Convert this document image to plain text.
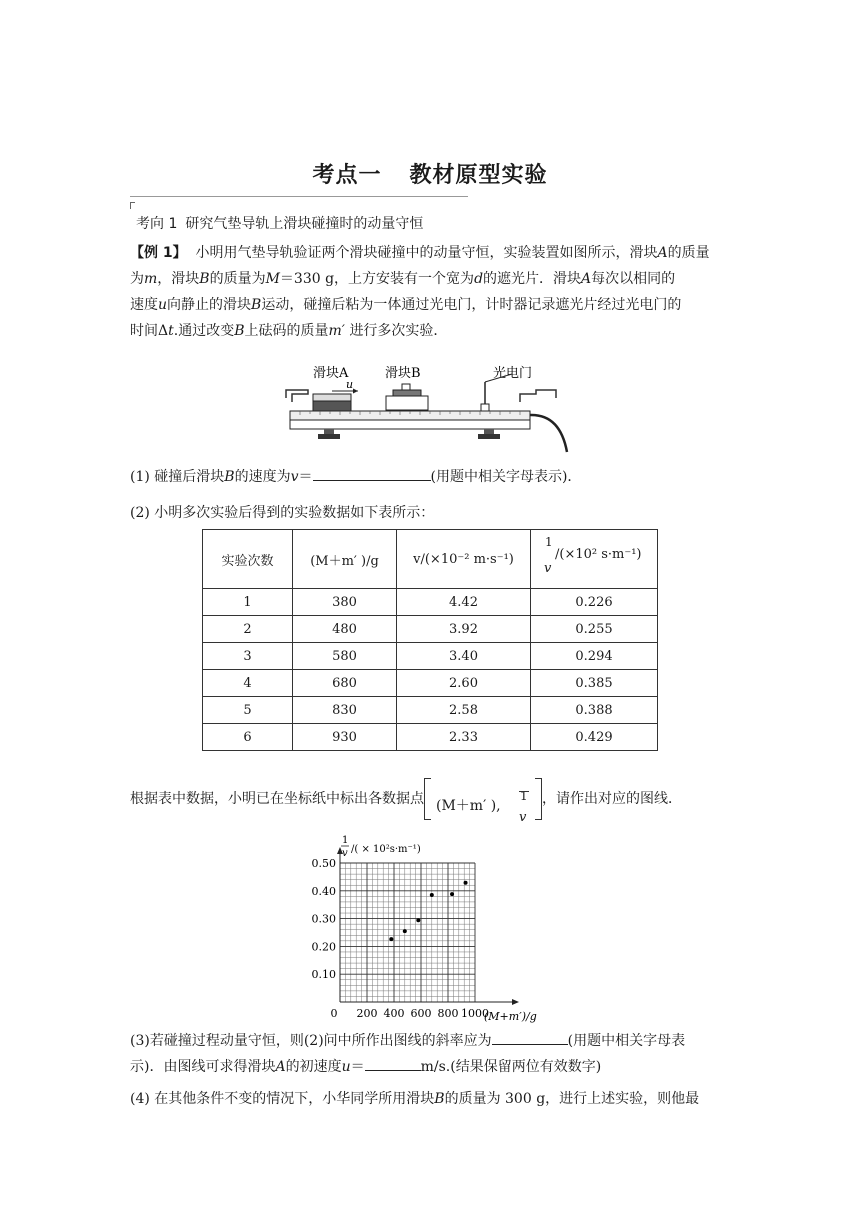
考点一 教材原型实验
考向 1 研究气垫导轨上滑块碰撞时的动量守恒

【例 1】 小明用气垫导轨验证两个滑块碰撞中的动量守恒，实验装置如图所示，滑块A的质量

为m，滑块B的质量为M＝330 g，上方安装有一个宽为d的遮光片．滑块A每次以相同的

速度u向静止的滑块B运动，碰撞后粘为一体通过光电门，计时器记录遮光片经过光电门的

时间Δt.通过改变B上砝码的质量m′ 进行多次实验．

滑块A
u
滑块B	光电门

(1) 碰撞后滑块B的速度为v＝	(用题中相关字母表示)．

(2) 小明多次实验后得到的实验数据如下表所示：

实验次数	(M＋m′ )/g	v/(×10⁻² m·s⁻¹)	1
/(×10² s·m⁻¹)
v

1	380	4.42	0.226
2	480	3.92	0.255
3	580	3.40	0.294
4	680	2.60	0.385
5	830	2.58	0.388
6	930	2.33	0.429
根据表中数据，小明已在坐标纸中标出各数据点 (M＋m′ ),
1
v
，请作出对应的图线．
0.10
0.20
0.30
0.40
0.50
0 200 400 600 800 1000
1
v /( × 10²s·m⁻¹)
(M+m′)/g

(3)若碰撞过程动量守恒，则(2)问中所作出图线的斜率应为	(用题中相关字母表

示)．由图线可求得滑块A的初速度u＝	m/s.(结果保留两位有效数字)

(4) 在其他条件不变的情况下，小华同学所用滑块B的质量为 300 g，进行上述实验，则他最
